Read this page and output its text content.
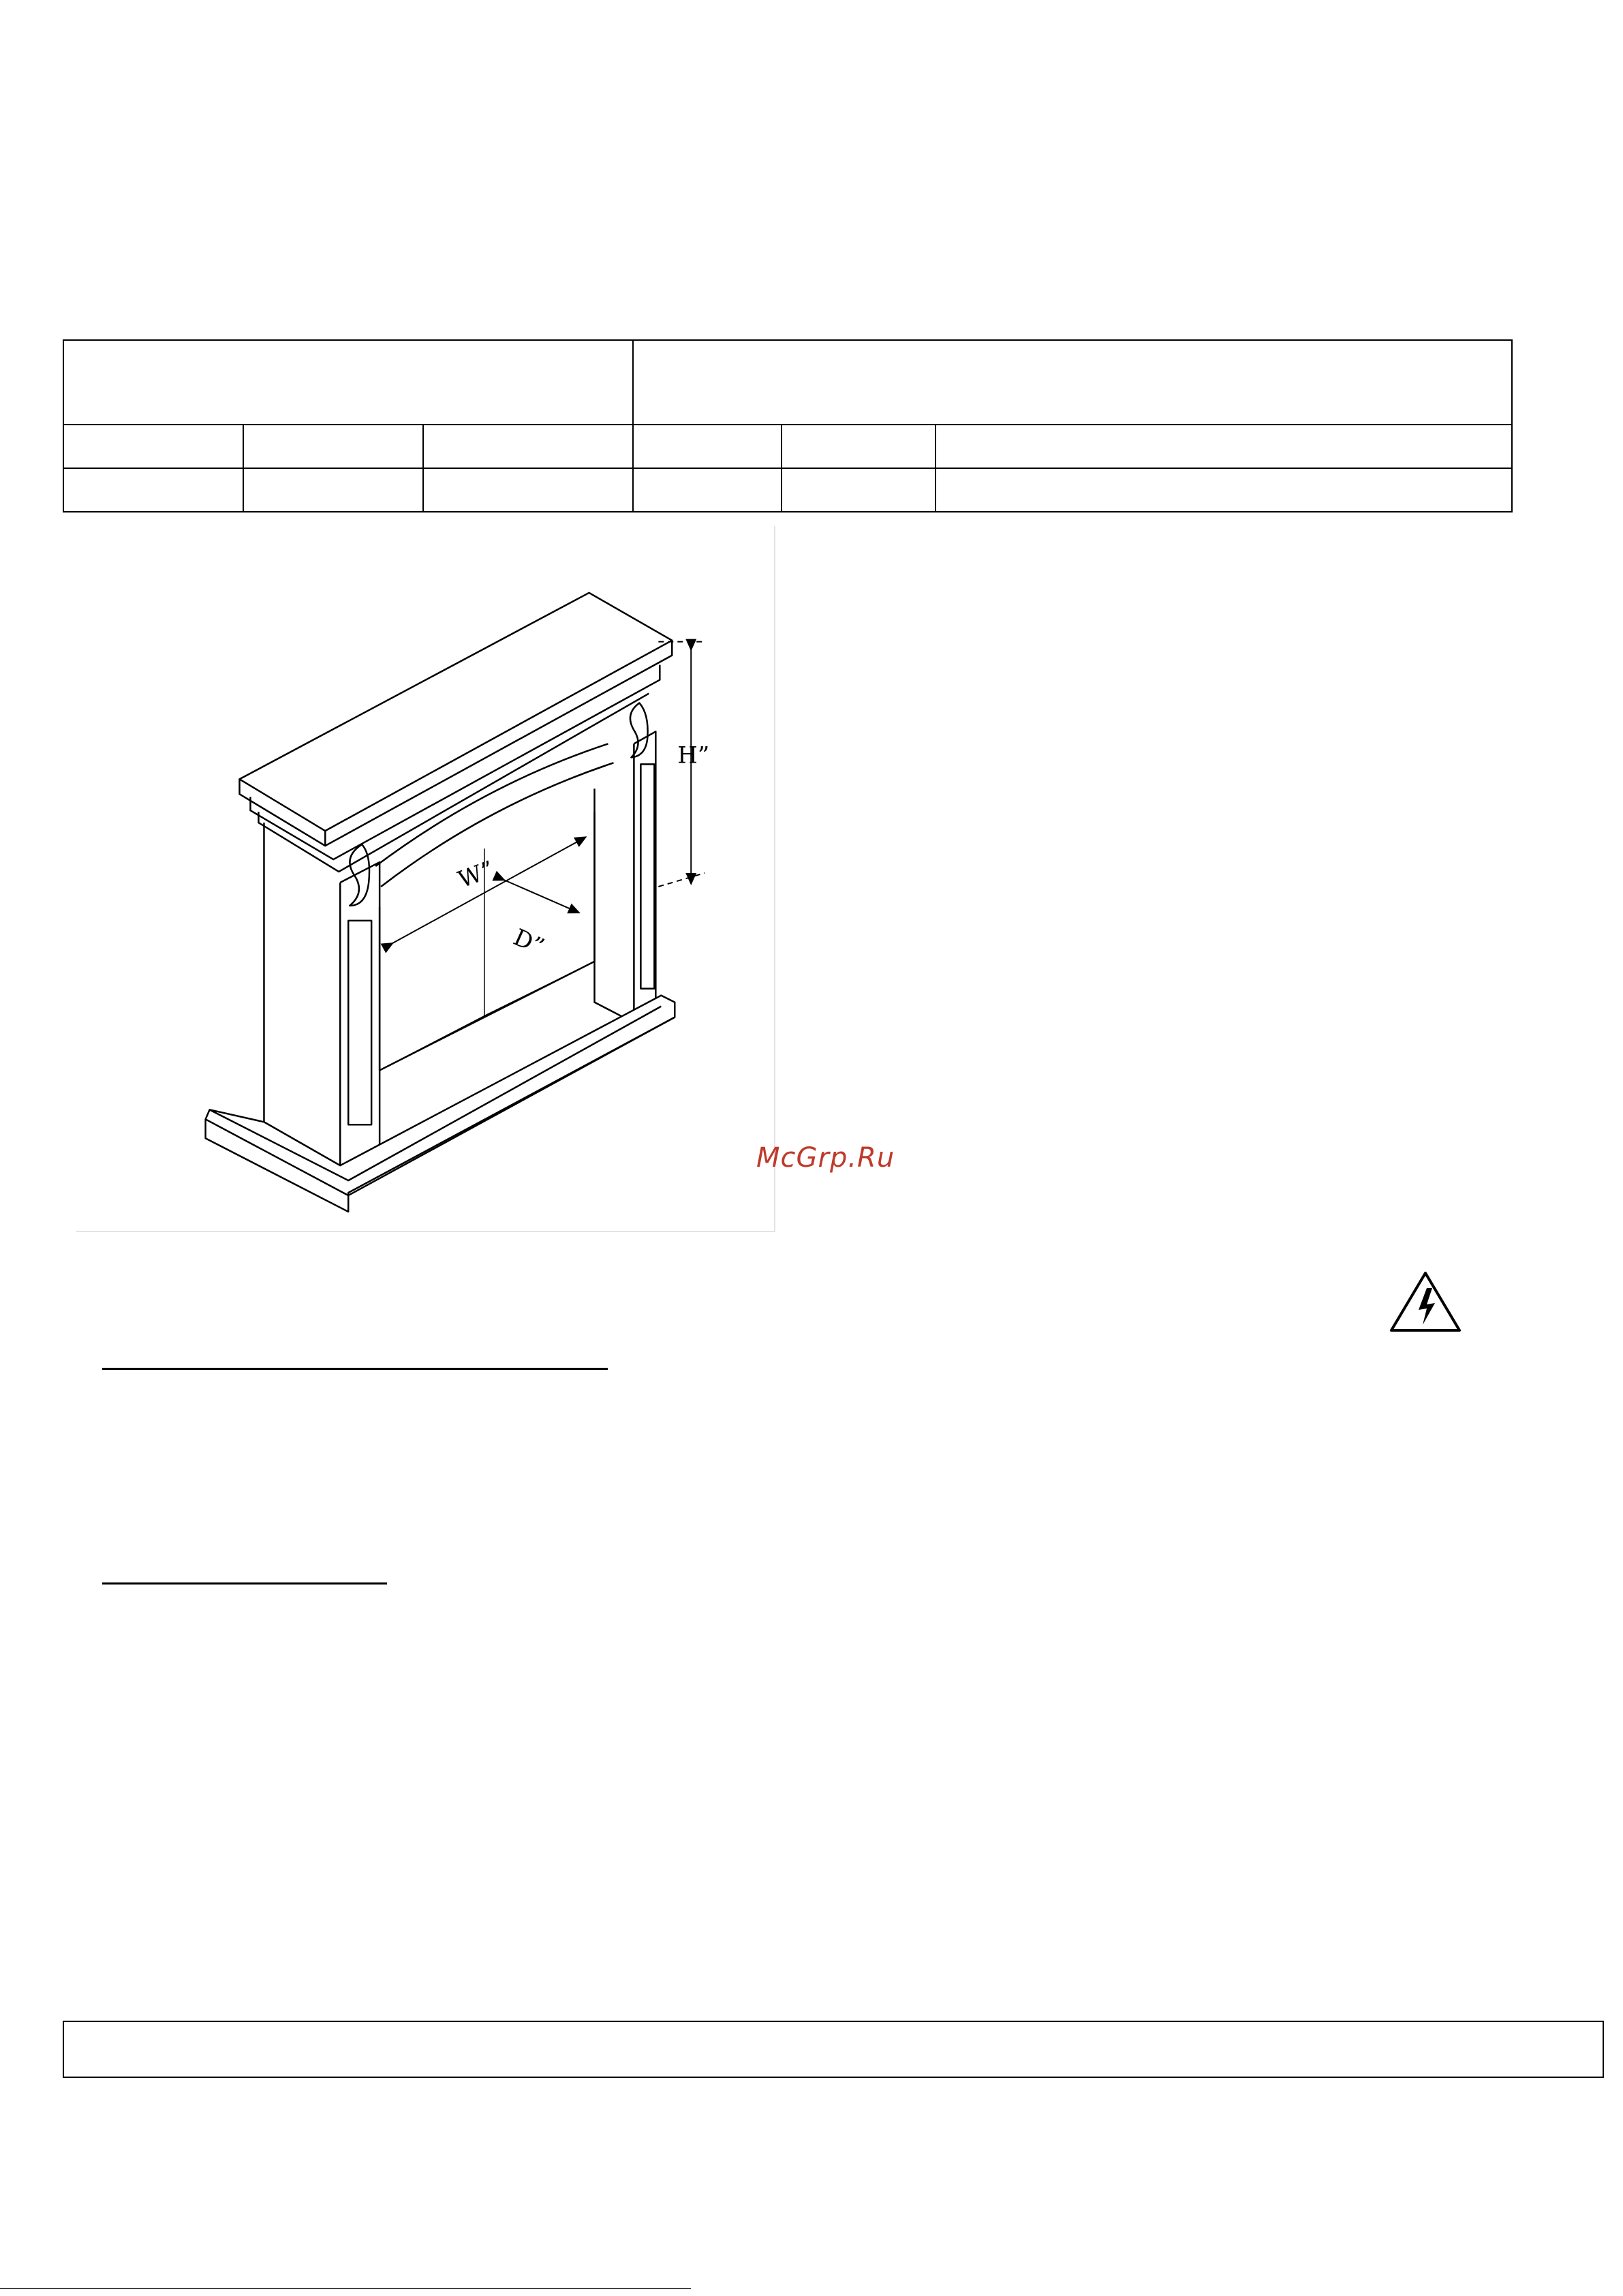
H”
W”
D”
McGrp.Ru
